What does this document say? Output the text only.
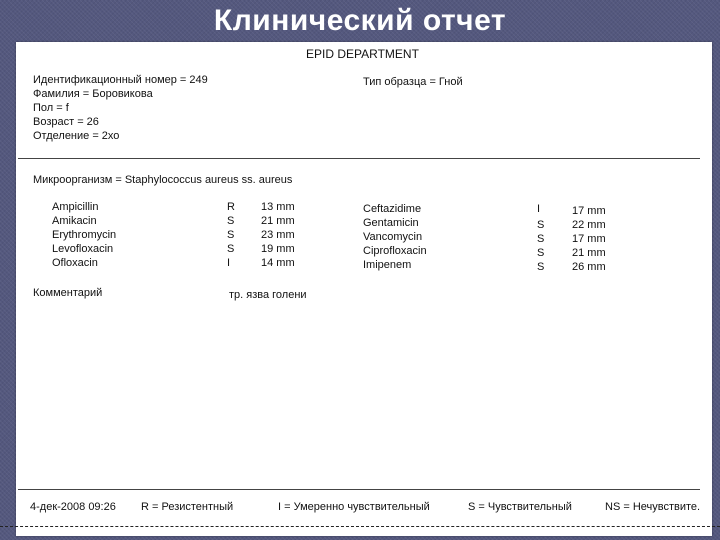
Клинический отчет
EPID DEPARTMENT
Идентификационный номер = 249
Фамилия = Боровикова
Пол = f
Возраст = 26
Отделение = 2хо
Тип образца = Гной
Микроорганизм = Staphylococcus aureus ss. aureus
Ampicillin	R 13 mm
Amikacin	S 21 mm
Erythromycin	S 23 mm
Levofloxacin	S 19 mm
Ofloxacin	I	14 mm
Ceftazidime	I	17 mm
Gentamicin	S	22 mm
Vancomycin	S	17 mm
Ciprofloxacin	S	21 mm
Imipenem	S	26 mm
Комментарий	тр. язва голени
4-дек-2008 09:26 R = Резистентный	I = Умеренно чувствительный	S = Чувствительный	NS = Нечувствите.
